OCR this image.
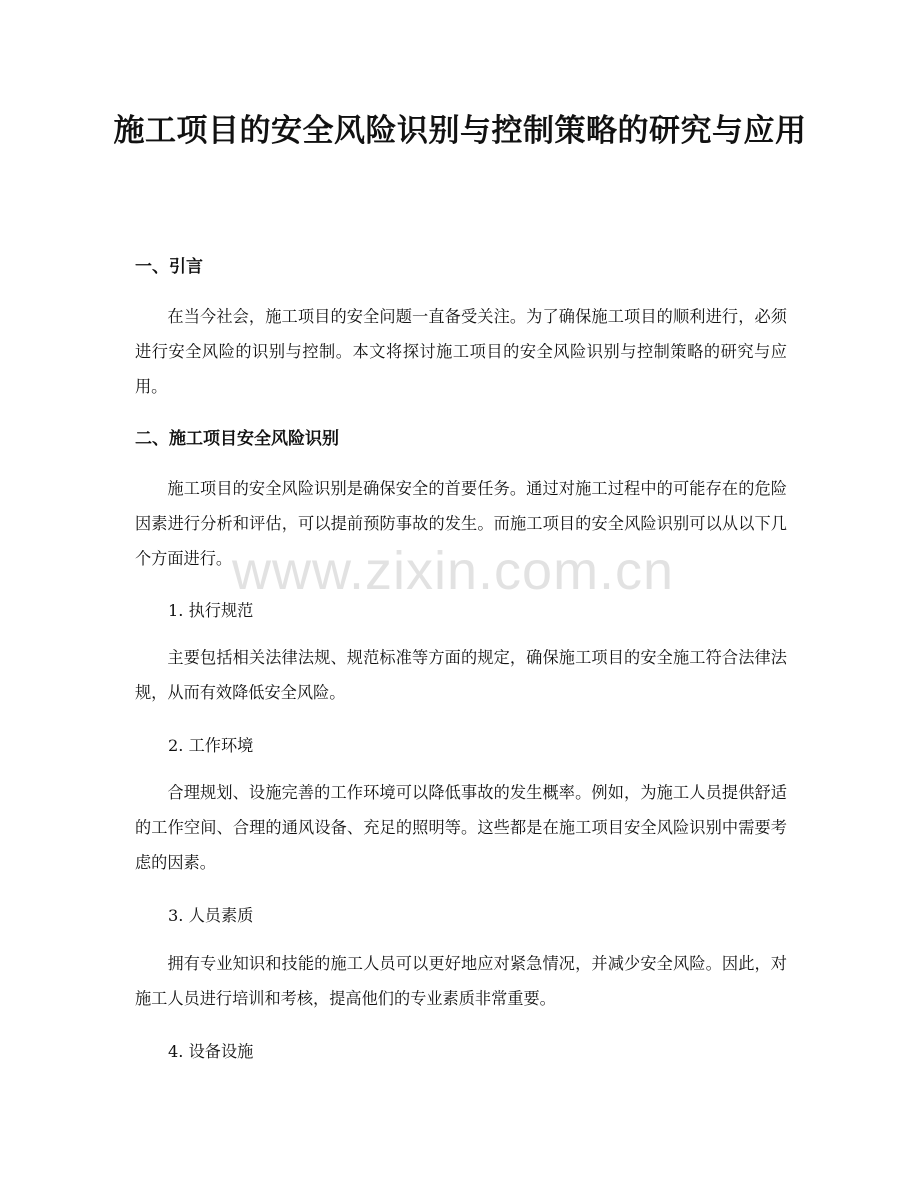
施工项目的安全风险识别与控制策略的研究与应用
一、引言

在当今社会，施工项目的安全问题一直备受关注。为了确保施工项目的顺利进行，必须进行安全风险的识别与控制。本文将探讨施工项目的安全风险识别与控制策略的研究与应用。

二、施工项目安全风险识别

施工项目的安全风险识别是确保安全的首要任务。通过对施工过程中的可能存在的危险因素进行分析和评估，可以提前预防事故的发生。而施工项目的安全风险识别可以从以下几个方面进行。

1. 执行规范

主要包括相关法律法规、规范标准等方面的规定，确保施工项目的安全施工符合法律法规，从而有效降低安全风险。

2. 工作环境

合理规划、设施完善的工作环境可以降低事故的发生概率。例如，为施工人员提供舒适的工作空间、合理的通风设备、充足的照明等。这些都是在施工项目安全风险识别中需要考虑的因素。

3. 人员素质

拥有专业知识和技能的施工人员可以更好地应对紧急情况，并减少安全风险。因此，对施工人员进行培训和考核，提高他们的专业素质非常重要。

4. 设备设施

www.zixin.com.cn
